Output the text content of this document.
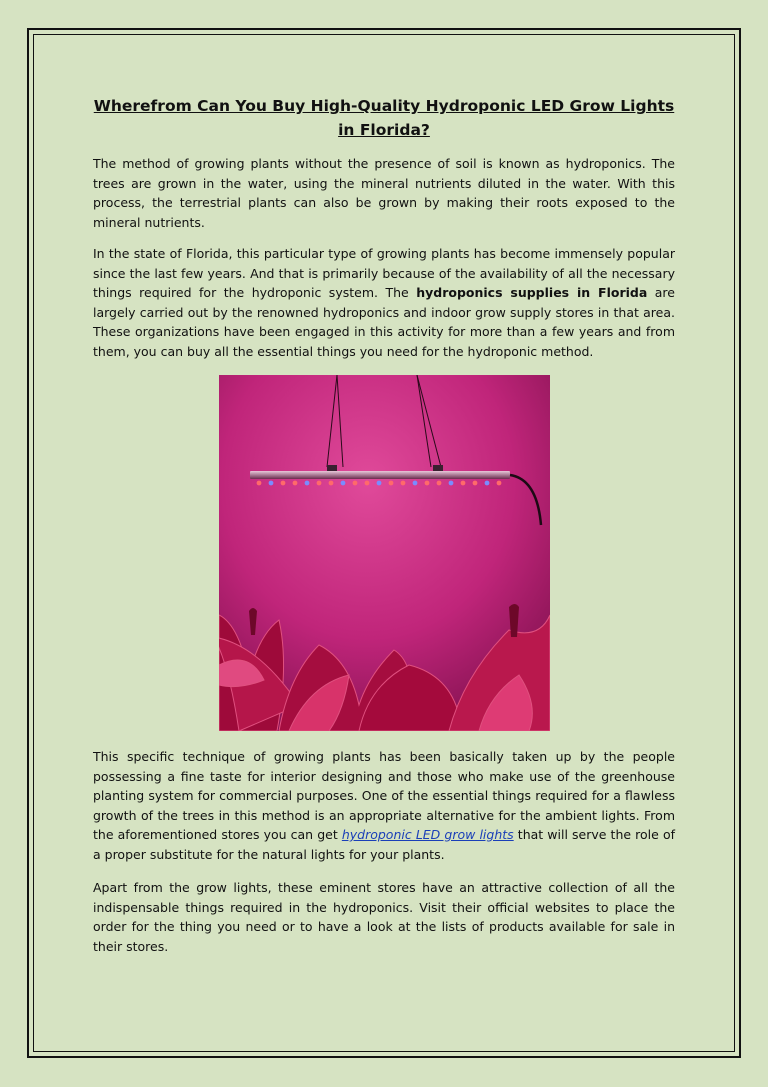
Wherefrom Can You Buy High-Quality Hydroponic LED Grow Lights in Florida?

The method of growing plants without the presence of soil is known as hydroponics. The trees are grown in the water, using the mineral nutrients diluted in the water. With this process, the terrestrial plants can also be grown by making their roots exposed to the mineral nutrients.

In the state of Florida, this particular type of growing plants has become immensely popular since the last few years. And that is primarily because of the availability of all the necessary things required for the hydroponic system. The hydroponics supplies in Florida are largely carried out by the renowned hydroponics and indoor grow supply stores in that area. These organizations have been engaged in this activity for more than a few years and from them, you can buy all the essential things you need for the hydroponic method.

This specific technique of growing plants has been basically taken up by the people possessing a fine taste for interior designing and those who make use of the greenhouse planting system for commercial purposes. One of the essential things required for a flawless growth of the trees in this method is an appropriate alternative for the ambient lights. From the aforementioned stores you can get hydroponic LED grow lights that will serve the role of a proper substitute for the natural lights for your plants.

Apart from the grow lights, these eminent stores have an attractive collection of all the indispensable things required in the hydroponics. Visit their official websites to place the order for the thing you need or to have a look at the lists of products available for sale in their stores.
